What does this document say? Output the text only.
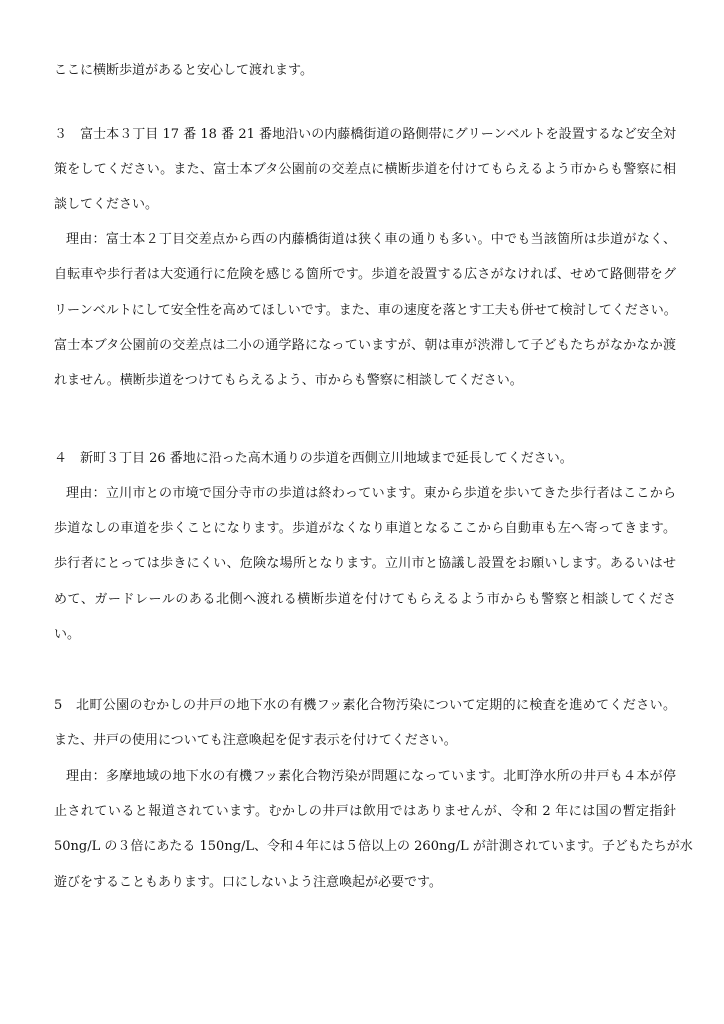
ここに横断歩道があると安心して渡れます。
３　富士本３丁目 17 番 18 番 21 番地沿いの内藤橋街道の路側帯にグリーンベルトを設置するなど安全対
策をしてください。また、富士本ブタ公園前の交差点に横断歩道を付けてもらえるよう市からも警察に相
談してください。
理由：富士本２丁目交差点から西の内藤橋街道は狭く車の通りも多い。中でも当該箇所は歩道がなく、
自転車や歩行者は大変通行に危険を感じる箇所です。歩道を設置する広さがなければ、せめて路側帯をグ
リーンベルトにして安全性を高めてほしいです。また、車の速度を落とす工夫も併せて検討してください。
富士本ブタ公園前の交差点は二小の通学路になっていますが、朝は車が渋滞して子どもたちがなかなか渡
れません。横断歩道をつけてもらえるよう、市からも警察に相談してください。
４　新町３丁目 26 番地に沿った高木通りの歩道を西側立川地域まで延長してください。
理由：立川市との市境で国分寺市の歩道は終わっています。東から歩道を歩いてきた歩行者はここから
歩道なしの車道を歩くことになります。歩道がなくなり車道となるここから自動車も左へ寄ってきます。
歩行者にとっては歩きにくい、危険な場所となります。立川市と協議し設置をお願いします。あるいはせ
めて、ガードレールのある北側へ渡れる横断歩道を付けてもらえるよう市からも警察と相談してくださ
い。
5　北町公園のむかしの井戸の地下水の有機フッ素化合物汚染について定期的に検査を進めてください。
また、井戸の使用についても注意喚起を促す表示を付けてください。
理由：多摩地域の地下水の有機フッ素化合物汚染が問題になっています。北町浄水所の井戸も４本が停
止されていると報道されています。むかしの井戸は飲用ではありませんが、令和 2 年には国の暫定指針
50ng/L の３倍にあたる 150ng/L、令和４年には５倍以上の 260ng/L が計測されています。子どもたちが水
遊びをすることもあります。口にしないよう注意喚起が必要です。
